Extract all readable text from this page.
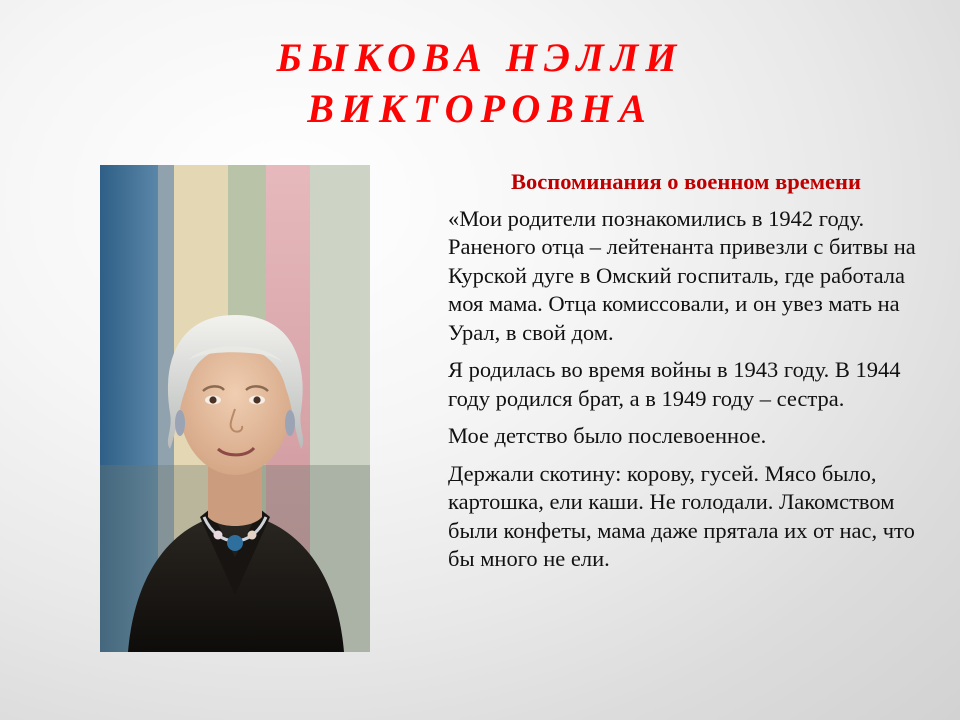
БЫКОВА НЭЛЛИ
ВИКТОРОВНА
Воспоминания о военном времени

«Мои родители познакомились в 1942 году. Раненого отца – лейтенанта привезли с битвы на Курской дуге в Омский госпиталь, где работала моя мама. Отца комиссовали, и он увез мать на Урал, в свой дом.

Я родилась во время войны в 1943 году. В 1944 году родился брат, а в 1949 году – сестра.

Мое детство было послевоенное.

Держали скотину: корову, гусей. Мясо было, картошка, ели каши. Не голодали. Лакомством были конфеты, мама даже прятала их от нас, что бы много не ели.
